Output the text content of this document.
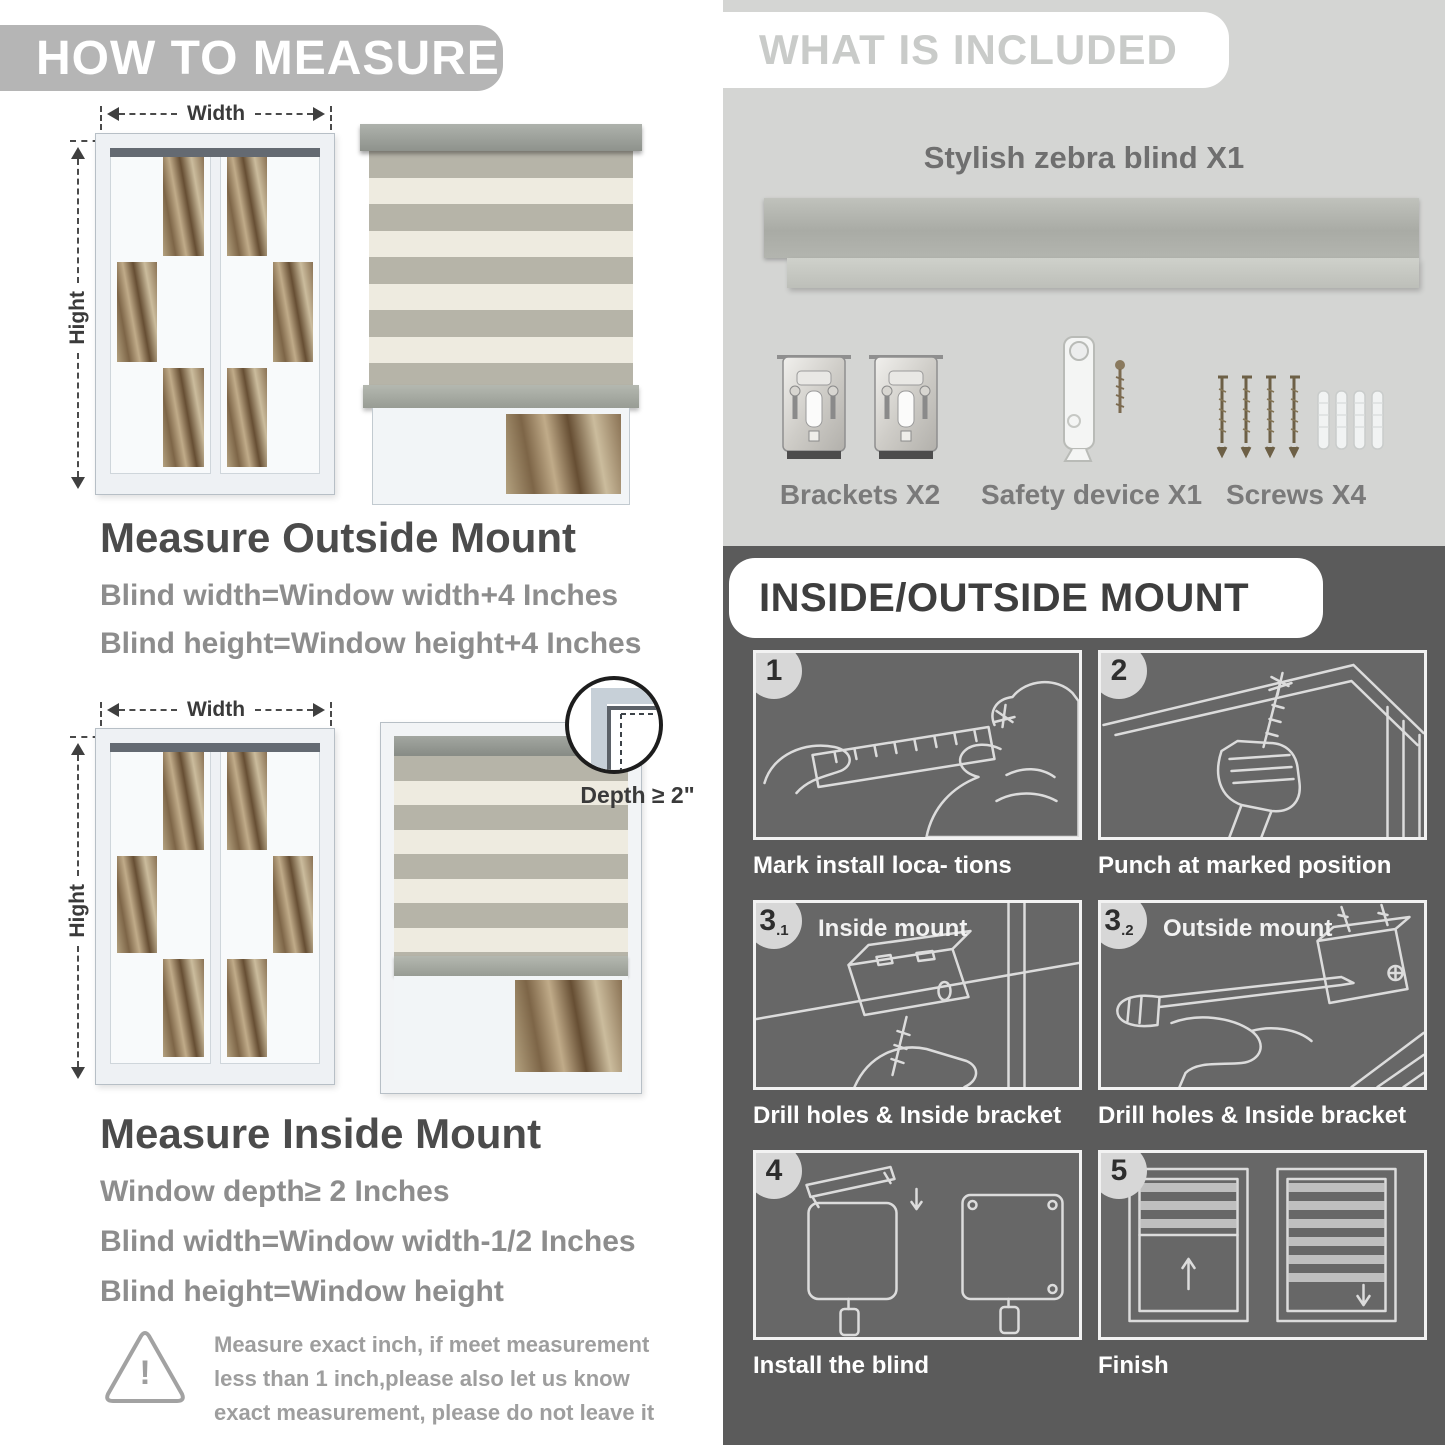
HOW TO MEASURE
Width
Hight
Measure Outside Mount
Blind width=Window width+4 Inches
Blind height=Window height+4 Inches
Width
Hight
Depth ≥ 2"
Measure Inside Mount
Window depth≥ 2 Inches
Blind width=Window width-1/2 Inches
Blind height=Window height
!
Measure exact inch, if meet measurement less than 1 inch,please also let us know exact measurement, please do not leave it
WHAT IS INCLUDED
Stylish zebra blind X1
Brackets X2	Safety device X1 Screws X4
INSIDE/OUTSIDE MOUNT
1
Mark install loca- tions
2
Punch at marked position
3 .1 Inside mount
Drill holes & Inside bracket
3 .2 Outside mount
Drill holes & Inside bracket
4
Install the blind
5
Finish
